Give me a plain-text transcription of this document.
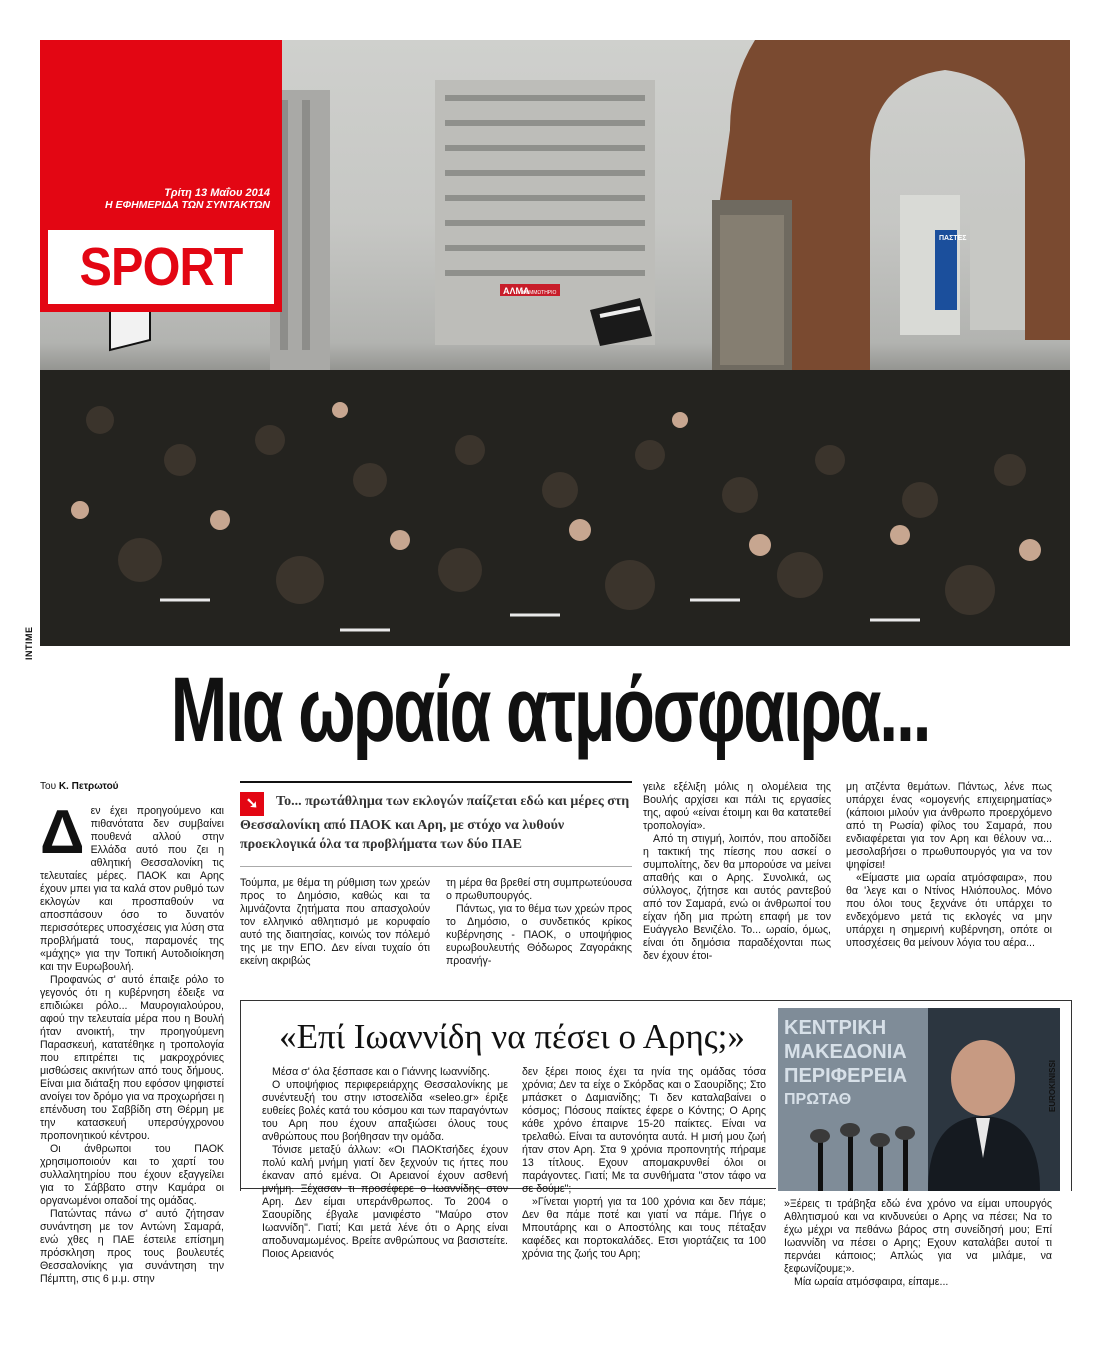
ΑΛΜΑ
ΚΟΜΜΩΤΗΡΙΟ
ΠΑΣΤΕΣ
INTIME
Τρίτη 13 Μαΐου 2014
Η ΕΦΗΜΕΡΙΔΑ ΤΩΝ ΣΥΝΤΑΚΤΩΝ
SPORT
Μια ωραία ατμόσφαιρα...
Του Κ. Πετρωτού

Δεν έχει προηγούμενο και πιθανότατα δεν συμβαίνει πουθενά αλλού στην Ελλάδα αυτό που ζει η αθλητική Θεσσαλονίκη τις τελευταίες μέρες. ΠΑΟΚ και Αρης έχουν μπει για τα καλά στον ρυθμό των εκλογών και προσπαθούν να αποσπάσουν όσο το δυνατόν περισσότερες υποσχέσεις για λύση στα προβλήματά τους, παραμονές της «μάχης» για την Τοπική Αυτοδιοίκηση και την Ευρωβουλή.

Προφανώς σ' αυτό έπαιξε ρόλο το γεγονός ότι η κυβέρνηση έδειξε να επιδιώκει ρόλο... Μαυρογιαλούρου, αφού την τελευταία μέρα που η Βουλή ήταν ανοικτή, την προηγούμενη Παρασκευή, κατατέθηκε η τροπολογία που επιτρέπει τις μακροχρόνιες μισθώσεις ακινήτων από τους δήμους. Είναι μια διάταξη που εφόσον ψηφιστεί ανοίγει τον δρόμο για να προχωρήσει η επένδυση του Σαββίδη στη Θέρμη με την κατασκευή υπερσύγχρονου προπονητικού κέντρου.

Οι άνθρωποι του ΠΑΟΚ χρησιμοποιούν και το χαρτί του συλλαλητηρίου που έχουν εξαγγείλει για το Σάββατο στην Καμάρα οι οργανωμένοι οπαδοί της ομάδας.

Πατώντας πάνω σ' αυτό ζήτησαν συνάντηση με τον Αντώνη Σαμαρά, ενώ χθες η ΠΑΕ έστειλε επίσημη πρόσκληση προς τους βουλευτές Θεσσαλονίκης για συνάντηση την Πέμπτη, στις 6 μ.μ. στην

➘ Το... πρωτάθλημα των εκλογών παίζεται εδώ και μέρες στη Θεσσαλονίκη από ΠΑΟΚ και Αρη, με στόχο να λυθούν προεκλογικά όλα τα προβλήματα των δύο ΠΑΕ

Τούμπα, με θέμα τη ρύθμιση των χρεών προς το Δημόσιο, καθώς και τα λιμνάζοντα ζητήματα που απασχολούν τον ελληνικό αθλητισμό με κορυφαίο αυτό της διαιτησίας, κοινώς τον πόλεμό της με την ΕΠΟ. Δεν είναι τυχαίο ότι εκείνη ακριβώς

τη μέρα θα βρεθεί στη συμπρωτεύουσα ο πρωθυπουργός.

Πάντως, για το θέμα των χρεών προς το Δημόσιο, ο συνδετικός κρίκος κυβέρνησης - ΠΑΟΚ, ο υποψήφιος ευρωβουλευτής Θόδωρος Ζαγοράκης προανήγ-

γειλε εξέλιξη μόλις η ολομέλεια της Βουλής αρχίσει και πάλι τις εργασίες της, αφού «είναι έτοιμη και θα κατατεθεί τροπολογία».

Από τη στιγμή, λοιπόν, που αποδίδει η τακτική της πίεσης που ασκεί ο συμπολίτης, δεν θα μπορούσε να μείνει απαθής και ο Αρης. Συνολικά, ως σύλλογος, ζήτησε και αυτός ραντεβού από τον Σαμαρά, ενώ οι άνθρωποί του είχαν ήδη μια πρώτη επαφή με τον Ευάγγελο Βενιζέλο. Το... ωραίο, όμως, είναι ότι δημόσια παραδέχονται πως δεν έχουν έτοι-

μη ατζέντα θεμάτων. Πάντως, λένε πως υπάρχει ένας «ομογενής επιχειρηματίας» (κάποιοι μιλούν για άνθρωπο προερχόμενο από τη Ρωσία) φίλος του Σαμαρά, που ενδιαφέρεται για τον Αρη και θέλουν να... μεσολαβήσει ο πρωθυπουργός για να τον ψηφίσει!

«Είμαστε μια ωραία ατμόσφαιρα», που θα 'λεγε και ο Ντίνος Ηλιόπουλος. Μόνο που όλοι τους ξεχνάνε ότι υπάρχει το ενδεχόμενο μετά τις εκλογές να μην υπάρχει η σημερινή κυβέρνηση, οπότε οι υποσχέσεις θα μείνουν λόγια του αέρα...

«Επί Ιωαννίδη να πέσει ο Αρης;»	ΚΕΝΤΡΙΚΗ
ΜΑΚΕΔΟΝΙΑ
ΠΕΡΙΦΕΡΕΙΑ
ΠΡΩΤΑΘ	EUROKINISSI

Μέσα σ' όλα ξέσπασε και ο Γιάννης Ιωαννίδης.

Ο υποψήφιος περιφερειάρχης Θεσσαλονίκης με συνέντευξή του στην ιστοσελίδα «seleo.gr» έριξε ευθείες βολές κατά του κόσμου και των παραγόντων του Αρη που έχουν απαξιώσει όλους τους ανθρώπους που βοήθησαν την ομάδα.

Τόνισε μεταξύ άλλων: «Οι ΠΑΟΚτσήδες έχουν πολύ καλή μνήμη γιατί δεν ξεχνούν τις ήττες που έκαναν από εμένα. Οι Αρειανοί έχουν ασθενή μνήμη. Ξέχασαν τι προσέφερε ο Ιωαννίδης στον Αρη. Δεν είμαι υπεράνθρωπος. Το 2004 ο Σαουρίδης έβγαλε μανιφέστο "Μαύρο στον Ιωαννίδη". Γιατί; Και μετά λένε ότι ο Αρης είναι αποδυναμωμένος. Βρείτε ανθρώπους να βασιστείτε. Ποιος Αρειανός

δεν ξέρει ποιος έχει τα ηνία της ομάδας τόσα χρόνια; Δεν τα είχε ο Σκόρδας και ο Σαουρίδης; Στο μπάσκετ ο Δαμιανίδης; Τι δεν καταλαβαίνει ο κόσμος; Πόσους παίκτες έφερε ο Κόντης; Ο Αρης κάθε χρόνο έπαιρνε 15-20 παίκτες. Είναι να τρελαθώ. Είναι τα αυτονόητα αυτά. Η μισή μου ζωή ήταν στον Αρη. Στα 9 χρόνια προπονητής πήραμε 13 τίτλους. Εχουν απομακρυνθεί όλοι οι παράγοντες. Γιατί; Με τα συνθήματα "στον τάφο να σε δούμε";

»Γίνεται γιορτή για τα 100 χρόνια και δεν πάμε; Δεν θα πάμε ποτέ και γιατί να πάμε. Πήγε ο Μπουτάρης και ο Αποστόλης και τους πέταξαν καφέδες και πορτοκαλάδες. Ετσι γιορτάζεις τα 100 χρόνια της ζωής του Αρη;

»Ξέρεις τι τράβηξα εδώ ένα χρόνο να είμαι υπουργός Αθλητισμού και να κινδυνεύει ο Αρης να πέσει; Να το έχω μέχρι να πεθάνω βάρος στη συνείδησή μου; Επί Ιωαννίδη να πέσει ο Αρης; Εχουν καταλάβει αυτοί τι περνάει κάποιος; Απλώς για να μιλάμε, να ξεφωνίζουμε;».

Μία ωραία ατμόσφαιρα, είπαμε...
